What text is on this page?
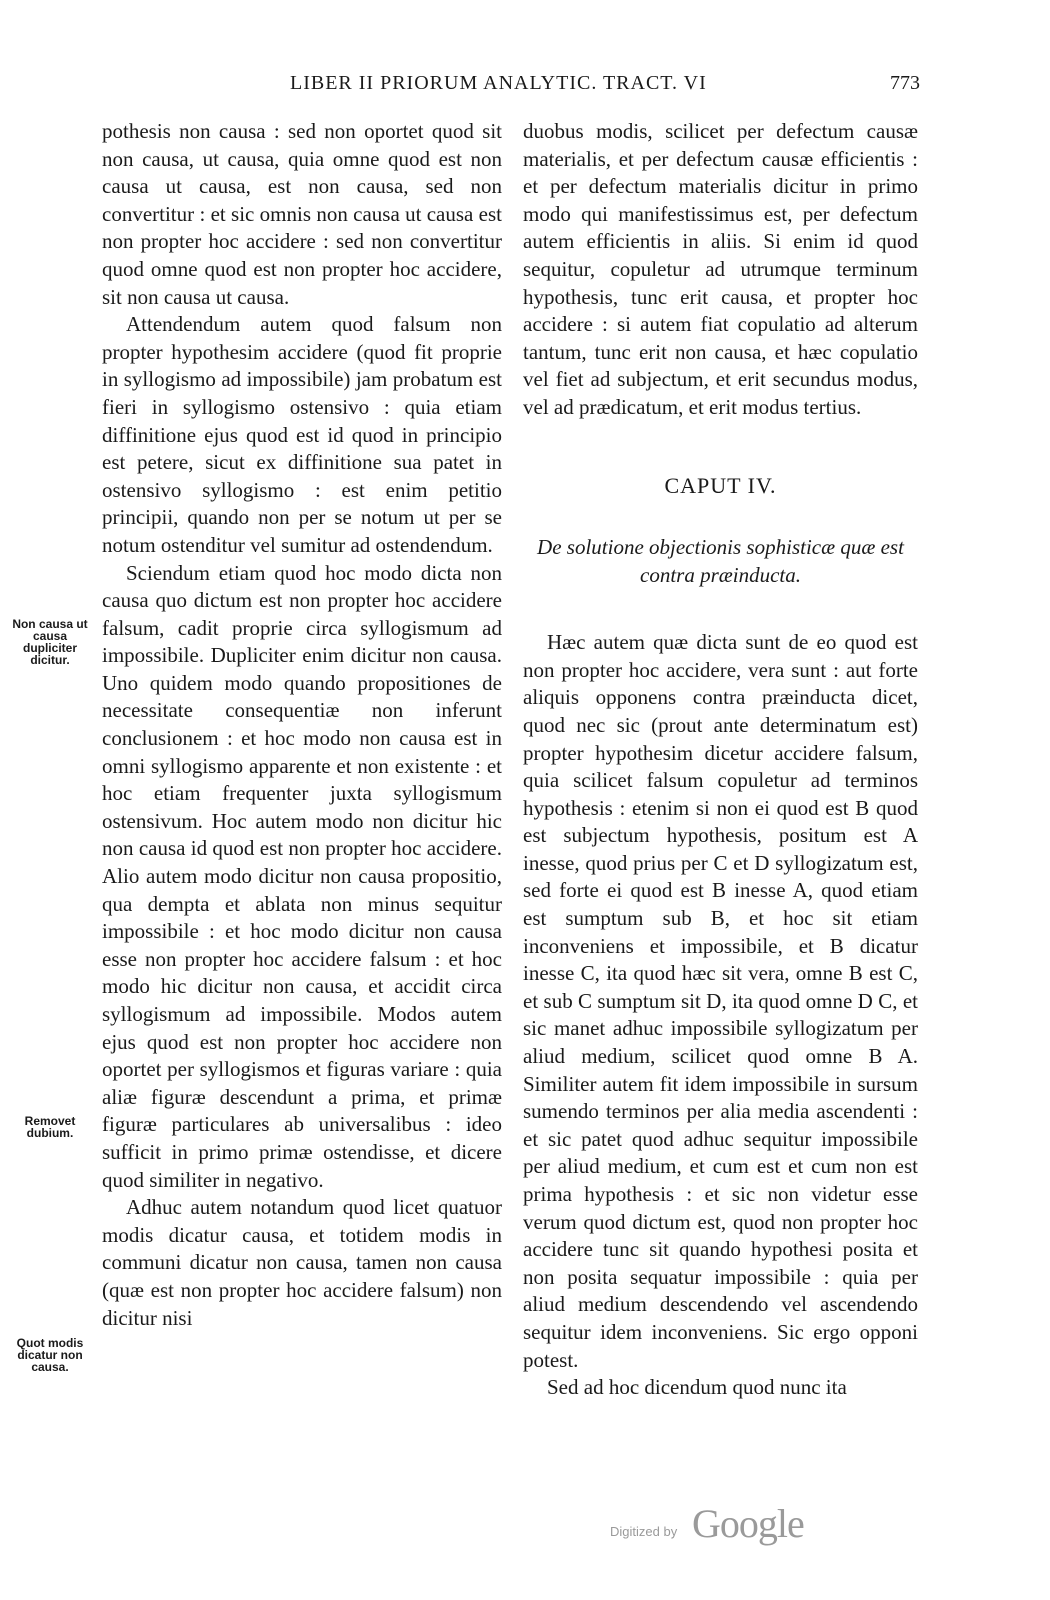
LIBER II PRIORUM ANALYTIC. TRACT. VI	773
Non causa ut causa dupliciter dicitur.
Removet dubium.
Quot modis dicatur non causa.

pothesis non causa : sed non oportet quod sit non causa, ut causa, quia omne quod est non causa ut causa, est non causa, sed non convertitur : et sic omnis non causa ut causa est non propter hoc accidere : sed non convertitur quod omne quod est non propter hoc accidere, sit non causa ut causa.

Attendendum autem quod falsum non propter hypothesim accidere (quod fit proprie in syllogismo ad impossibile) jam probatum est fieri in syllogismo ostensivo : quia etiam diffinitione ejus quod est id quod in principio est petere, sicut ex diffinitione sua patet in ostensivo syllogismo : est enim petitio principii, quando non per se notum ut per se notum ostenditur vel sumitur ad ostendendum.

Sciendum etiam quod hoc modo dicta non causa quo dictum est non propter hoc accidere falsum, cadit proprie circa syllogismum ad impossibile. Dupliciter enim dicitur non causa. Uno quidem modo quando propositiones de necessitate consequentiæ non inferunt conclusionem : et hoc modo non causa est in omni syllogismo apparente et non existente : et hoc etiam frequenter juxta syllogismum ostensivum. Hoc autem modo non dicitur hic non causa id quod est non propter hoc accidere. Alio autem modo dicitur non causa propositio, qua dempta et ablata non minus sequitur impossibile : et hoc modo dicitur non causa esse non propter hoc accidere falsum : et hoc modo hic dicitur non causa, et accidit circa syllogismum ad impossibile. Modos autem ejus quod est non propter hoc accidere non oportet per syllogismos et figuras variare : quia aliæ figuræ descendunt a prima, et primæ figuræ particulares ab universalibus : ideo sufficit in primo primæ ostendisse, et dicere quod similiter in negativo.

Adhuc autem notandum quod licet quatuor modis dicatur causa, et totidem modis in communi dicatur non causa, tamen non causa (quæ est non propter hoc accidere falsum) non dicitur nisi

duobus modis, scilicet per defectum causæ materialis, et per defectum causæ efficientis : et per defectum materialis dicitur in primo modo qui manifestissimus est, per defectum autem efficientis in aliis. Si enim id quod sequitur, copuletur ad utrumque terminum hypothesis, tunc erit causa, et propter hoc accidere : si autem fiat copulatio ad alterum tantum, tunc erit non causa, et hæc copulatio vel fiet ad subjectum, et erit secundus modus, vel ad prædicatum, et erit modus tertius.

CAPUT IV.
De solutione objectionis sophisticæ quæ est contra præinducta.

Hæc autem quæ dicta sunt de eo quod est non propter hoc accidere, vera sunt : aut forte aliquis opponens contra præinducta dicet, quod nec sic (prout ante determinatum est) propter hypothesim dicetur accidere falsum, quia scilicet falsum copuletur ad terminos hypothesis : etenim si non ei quod est B quod est subjectum hypothesis, positum est A inesse, quod prius per C et D syllogizatum est, sed forte ei quod est B inesse A, quod etiam est sumptum sub B, et hoc sit etiam inconveniens et impossibile, et B dicatur inesse C, ita quod hæc sit vera, omne B est C, et sub C sumptum sit D, ita quod omne D C, et sic manet adhuc impossibile syllogizatum per aliud medium, scilicet quod omne B A. Similiter autem fit idem impossibile in sursum sumendo terminos per alia media ascendenti : et sic patet quod adhuc sequitur impossibile per aliud medium, et cum est et cum non est prima hypothesis : et sic non videtur esse verum quod dictum est, quod non propter hoc accidere tunc sit quando hypothesi posita et non posita sequatur impossibile : quia per aliud medium descendendo vel ascendendo sequitur idem inconveniens. Sic ergo opponi potest.

Sed ad hoc dicendum quod nunc ita

Digitized by Google
